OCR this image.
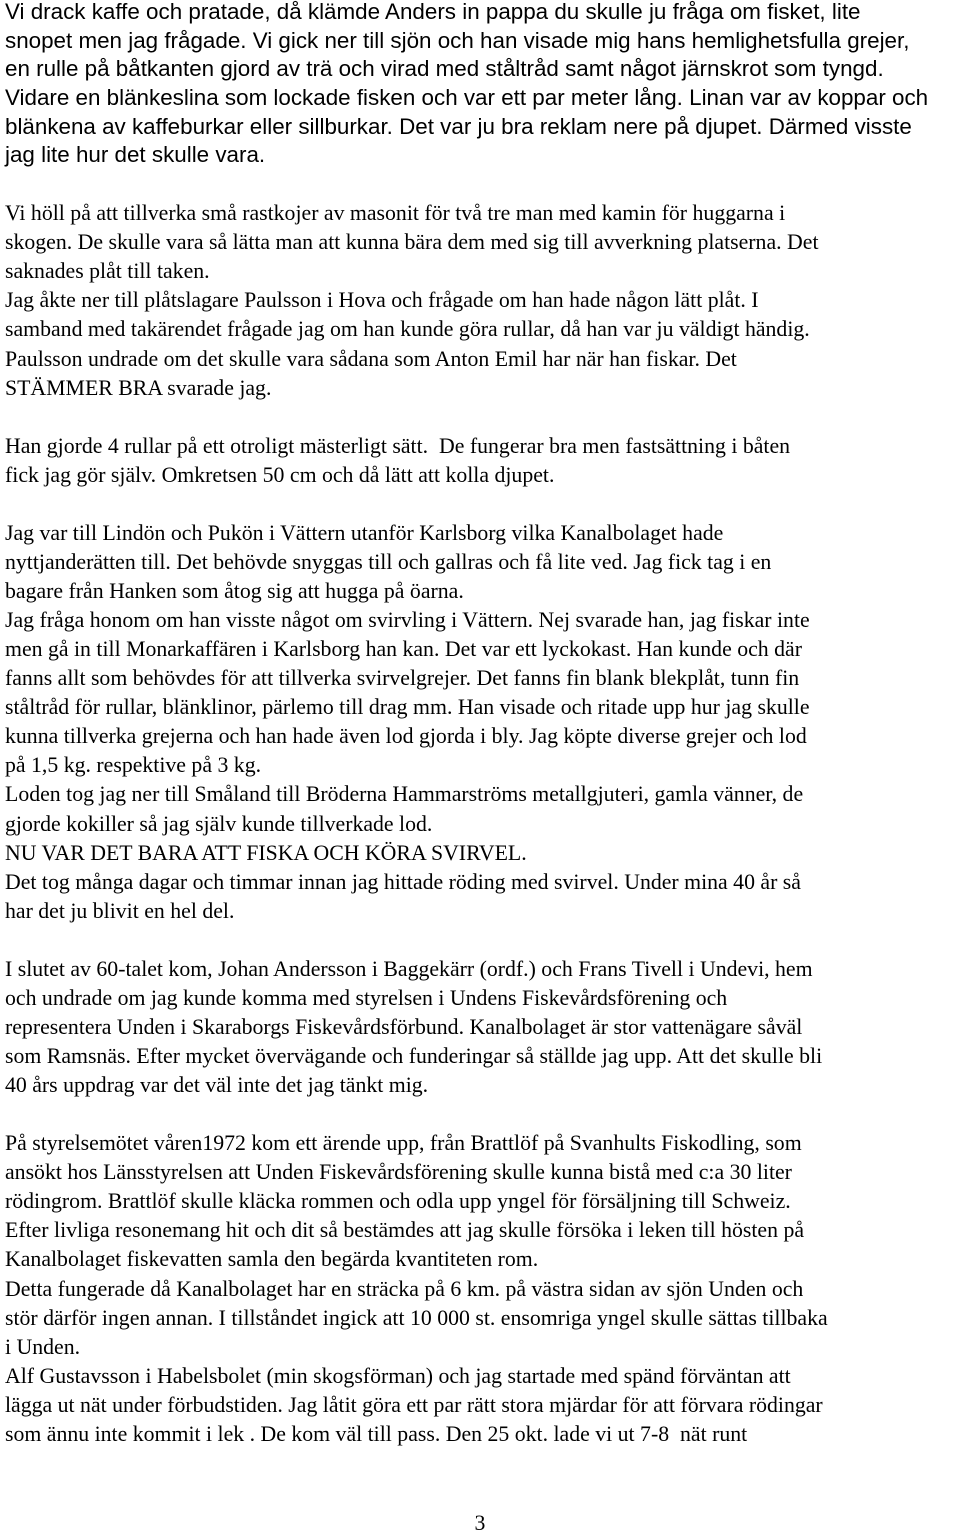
Vi drack kaffe och pratade, då klämde Anders in pappa du skulle ju fråga om fisket, lite
snopet men jag frågade. Vi gick ner till sjön och han visade mig hans hemlighetsfulla grejer,
en rulle på båtkanten gjord av trä och virad med ståltråd samt något järnskrot som tyngd.
Vidare en blänkeslina som lockade fisken och var ett par meter lång. Linan var av koppar och
blänkena av kaffeburkar eller sillburkar. Det var ju bra reklam nere på djupet. Därmed visste
jag lite hur det skulle vara.
Vi höll på att tillverka små rastkojer av masonit för två tre man med kamin för huggarna i
skogen. De skulle vara så lätta man att kunna bära dem med sig till avverkning platserna. Det
saknades plåt till taken.
Jag åkte ner till plåtslagare Paulsson i Hova och frågade om han hade någon lätt plåt. I
samband med takärendet frågade jag om han kunde göra rullar, då han var ju väldigt händig.
Paulsson undrade om det skulle vara sådana som Anton Emil har när han fiskar. Det
STÄMMER BRA svarade jag.
Han gjorde 4 rullar på ett otroligt mästerligt sätt.  De fungerar bra men fastsättning i båten
fick jag gör själv. Omkretsen 50 cm och då lätt att kolla djupet.
Jag var till Lindön och Pukön i Vättern utanför Karlsborg vilka Kanalbolaget hade
nyttjanderätten till. Det behövde snyggas till och gallras och få lite ved. Jag fick tag i en
bagare från Hanken som åtog sig att hugga på öarna.
Jag fråga honom om han visste något om svirvling i Vättern. Nej svarade han, jag fiskar inte
men gå in till Monarkaffären i Karlsborg han kan. Det var ett lyckokast. Han kunde och där
fanns allt som behövdes för att tillverka svirvelgrejer. Det fanns fin blank blekplåt, tunn fin
ståltråd för rullar, blänklinor, pärlemo till drag mm. Han visade och ritade upp hur jag skulle
kunna tillverka grejerna och han hade även lod gjorda i bly. Jag köpte diverse grejer och lod
på 1,5 kg. respektive på 3 kg.
Loden tog jag ner till Småland till Bröderna Hammarströms metallgjuteri, gamla vänner, de
gjorde kokiller så jag själv kunde tillverkade lod.
NU VAR DET BARA ATT FISKA OCH KÖRA SVIRVEL.
Det tog många dagar och timmar innan jag hittade röding med svirvel. Under mina 40 år så
har det ju blivit en hel del.
I slutet av 60-talet kom, Johan Andersson i Baggekärr (ordf.) och Frans Tivell i Undevi, hem
och undrade om jag kunde komma med styrelsen i Undens Fiskevårdsförening och
representera Unden i Skaraborgs Fiskevårdsförbund. Kanalbolaget är stor vattenägare såväl
som Ramsnäs. Efter mycket övervägande och funderingar så ställde jag upp. Att det skulle bli
40 års uppdrag var det väl inte det jag tänkt mig.
På styrelsemötet våren1972 kom ett ärende upp, från Brattlöf på Svanhults Fiskodling, som
ansökt hos Länsstyrelsen att Unden Fiskevårdsförening skulle kunna bistå med c:a 30 liter
rödingrom. Brattlöf skulle kläcka rommen och odla upp yngel för försäljning till Schweiz.
Efter livliga resonemang hit och dit så bestämdes att jag skulle försöka i leken till hösten på
Kanalbolaget fiskevatten samla den begärda kvantiteten rom.
Detta fungerade då Kanalbolaget har en sträcka på 6 km. på västra sidan av sjön Unden och
stör därför ingen annan. I tillståndet ingick att 10 000 st. ensomriga yngel skulle sättas tillbaka
i Unden.
Alf Gustavsson i Habelsbolet (min skogsförman) och jag startade med spänd förväntan att
lägga ut nät under förbudstiden. Jag låtit göra ett par rätt stora mjärdar för att förvara rödingar
som ännu inte kommit i lek . De kom väl till pass. Den 25 okt. lade vi ut 7-8  nät runt
3
